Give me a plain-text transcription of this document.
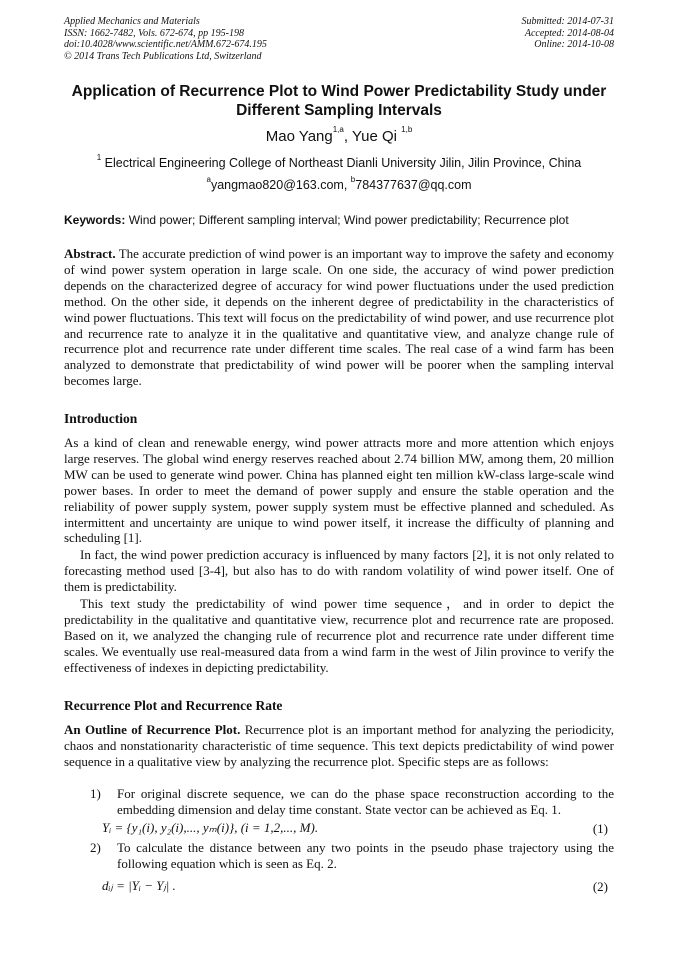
Applied Mechanics and Materials
ISSN: 1662-7482, Vols. 672-674, pp 195-198
doi:10.4028/www.scientific.net/AMM.672-674.195
© 2014 Trans Tech Publications Ltd, Switzerland
Submitted: 2014-07-31
Accepted: 2014-08-04
Online: 2014-10-08
Application of Recurrence Plot to Wind Power Predictability Study under Different Sampling Intervals
Mao Yang$^{1,a}$, Yue Qi $^{1,b}$
$^1$ Electrical Engineering College of Northeast Dianli University Jilin, Jilin Province, China
$^a$yangmao820@163.com, $^b$784377637@qq.com
Keywords: Wind power; Different sampling interval; Wind power predictability; Recurrence plot
Abstract. The accurate prediction of wind power is an important way to improve the safety and economy of wind power system operation in large scale. On one side, the accuracy of wind power prediction depends on the characterized degree of accuracy for wind power fluctuations under the used prediction method. On the other side, it depends on the inherent degree of predictability in the characteristics of wind power fluctuations. This text will focus on the predictability of wind power, and use recurrence plot and recurrence rate to analyze it in the qualitative and quantitative view, and analyze change rule of recurrence plot and recurrence rate under different time scales. The real case of a wind farm has been analyzed to demonstrate that predictability of wind power will be poorer when the sampling interval becomes large.
Introduction
As a kind of clean and renewable energy, wind power attracts more and more attention which enjoys large reserves. The global wind energy reserves reached about 2.74 billion MW, among them, 20 million MW can be used to generate wind power. China has planned eight ten million kW-class large-scale wind power bases. In order to meet the demand of power supply and ensure the stable operation and the reliability of power supply system, power supply system must be effective planned and scheduled. As intermittent and uncertainty are unique to wind power itself, it increase the difficulty of planning and scheduling [1].
In fact, the wind power prediction accuracy is influenced by many factors [2], it is not only related to forecasting method used [3-4], but also has to do with random volatility of wind power itself. One of them is predictability.
This text study the predictability of wind power time sequence，and in order to depict the predictability in the qualitative and quantitative view, recurrence plot and recurrence rate are proposed. Based on it, we analyzed the changing rule of recurrence plot and recurrence rate under different time scales. We eventually use real-measured data from a wind farm in the west of Jilin province to verify the effectiveness of indexes in depicting predictability.
Recurrence Plot and Recurrence Rate
An Outline of Recurrence Plot. Recurrence plot is an important method for analyzing the periodicity, chaos and nonstationarity characteristic of time sequence. This text depicts predictability of wind power sequence in a qualitative view by analyzing the recurrence plot. Specific steps are as follows:
1) For original discrete sequence, we can do the phase space reconstruction according to the embedding dimension and delay time constant. State vector can be achieved as Eq. 1.
Yᵢ = {y₁(i), y₂(i),..., yₘ(i)}, (i = 1,2,..., M).	(1)
2) To calculate the distance between any two points in the pseudo phase trajectory using the following equation which is seen as Eq. 2.
dᵢⱼ = |Yᵢ − Yⱼ| .	(2)
